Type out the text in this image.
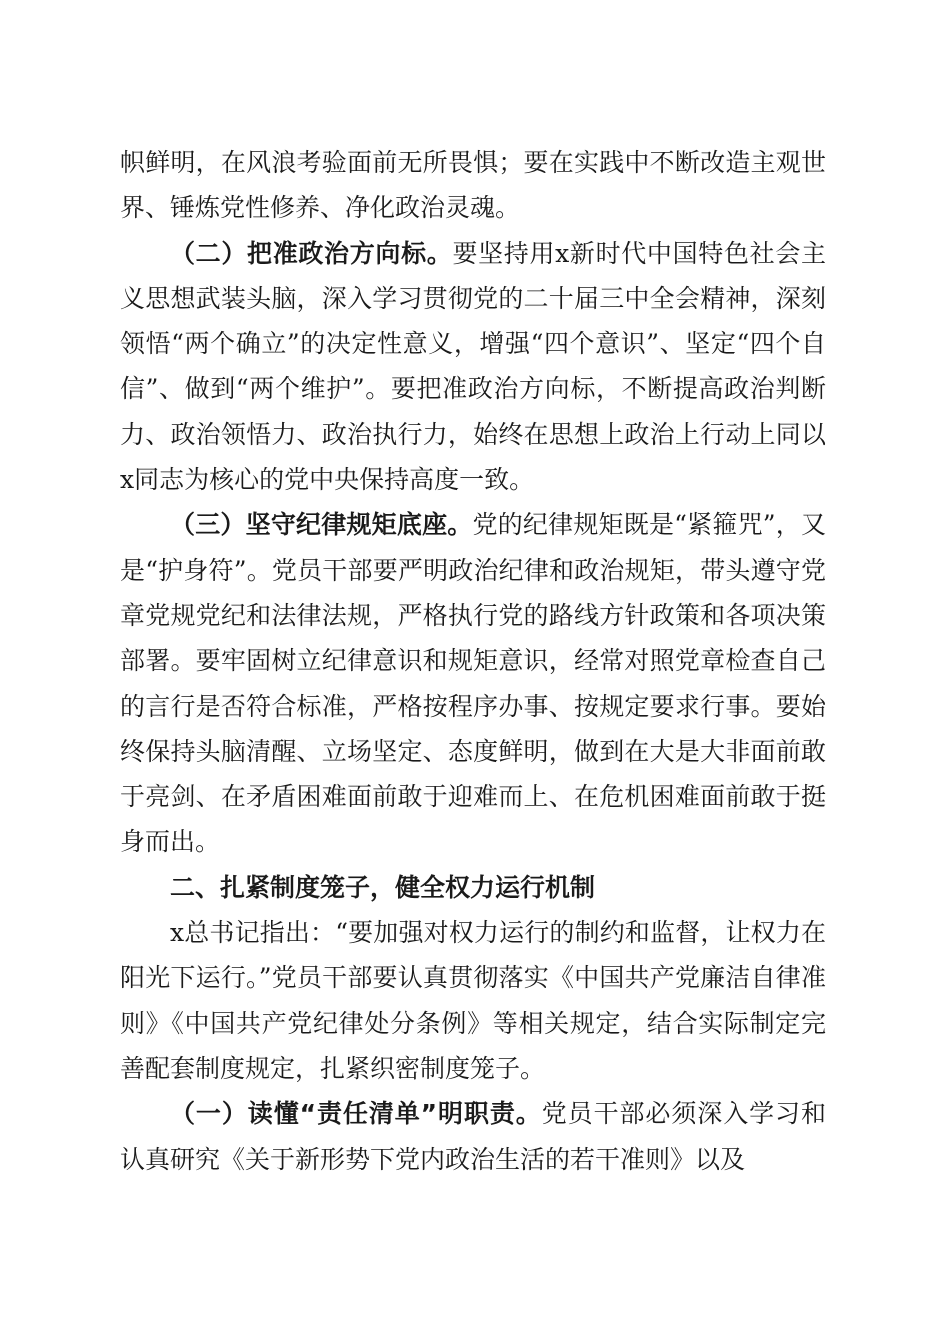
帜鲜明，在风浪考验面前无所畏惧；要在实践中不断改造主观世界、锤炼党性修养、净化政治灵魂。

（二）把准政治方向标。要坚持用x新时代中国特色社会主义思想武装头脑，深入学习贯彻党的二十届三中全会精神，深刻领悟“两个确立”的决定性意义，增强“四个意识”、坚定“四个自信”、做到“两个维护”。要把准政治方向标，不断提高政治判断力、政治领悟力、政治执行力，始终在思想上政治上行动上同以x同志为核心的党中央保持高度一致。

（三）坚守纪律规矩底座。党的纪律规矩既是“紧箍咒”，又是“护身符”。党员干部要严明政治纪律和政治规矩，带头遵守党章党规党纪和法律法规，严格执行党的路线方针政策和各项决策部署。要牢固树立纪律意识和规矩意识，经常对照党章检查自己的言行是否符合标准，严格按程序办事、按规定要求行事。要始终保持头脑清醒、立场坚定、态度鲜明，做到在大是大非面前敢于亮剑、在矛盾困难面前敢于迎难而上、在危机困难面前敢于挺身而出。

二、扎紧制度笼子，健全权力运行机制

x总书记指出：“要加强对权力运行的制约和监督，让权力在阳光下运行。”党员干部要认真贯彻落实《中国共产党廉洁自律准则》《中国共产党纪律处分条例》等相关规定，结合实际制定完善配套制度规定，扎紧织密制度笼子。

（一）读懂“责任清单”明职责。党员干部必须深入学习和认真研究《关于新形势下党内政治生活的若干准则》以及
